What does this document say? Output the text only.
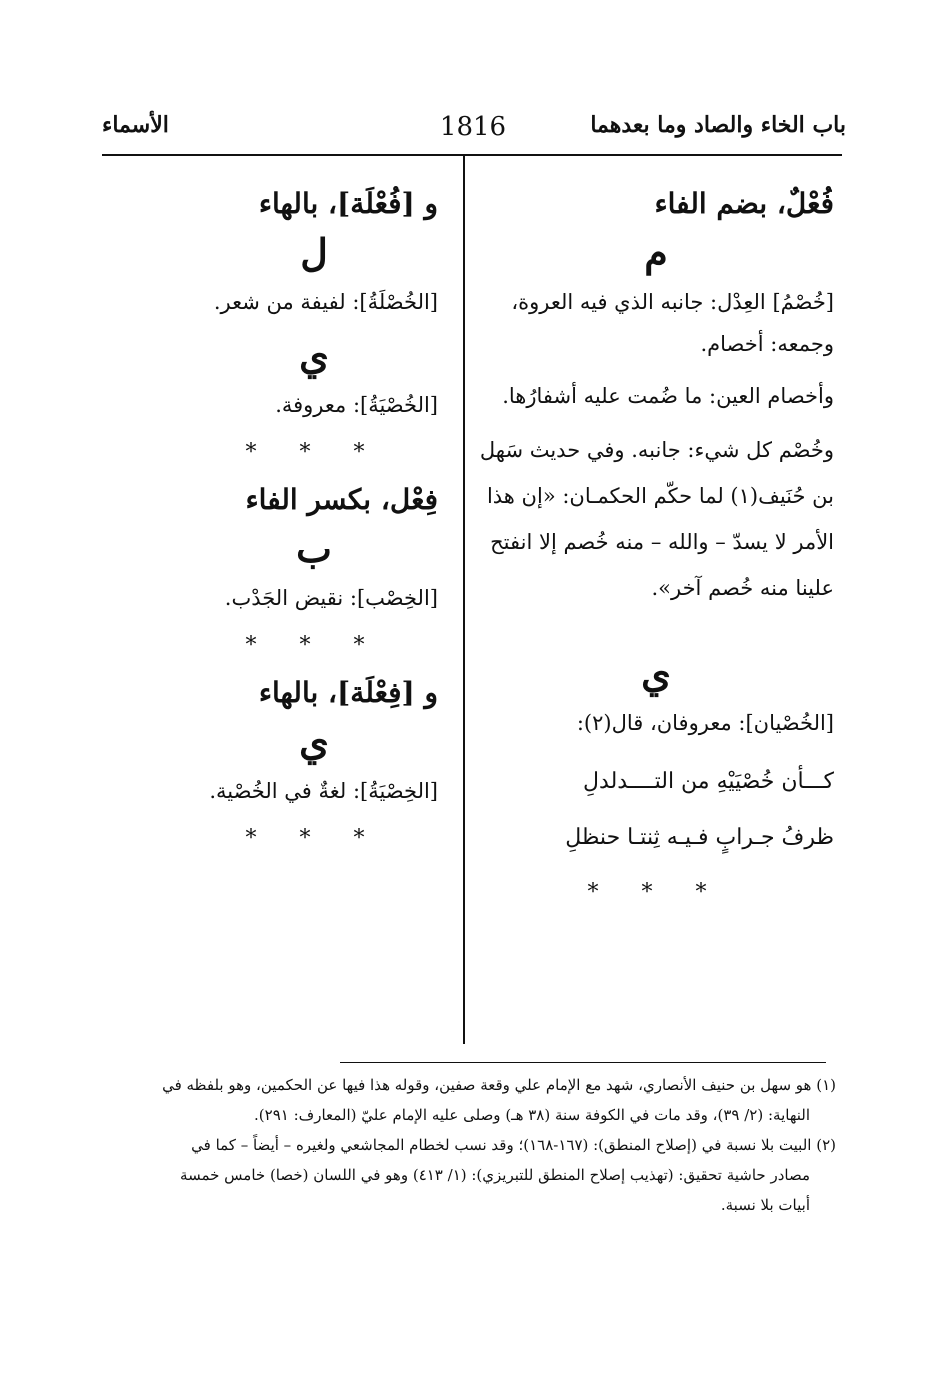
باب الخاء والصاد وما بعدهما
1816
الأسماء
فُعْلٌ، بضم الفاء
م

[خُصْمُ] العِدْل: جانبه الذي فيه العروة، وجمعه: أخصام.

وأخصام العين: ما ضُمت عليه أشفارُها.

وخُصْم كل شيء: جانبه. وفي حديث سَهل بن حُنَيف(١) لما حكّم الحكمـان: «إن هذا الأمر لا يسدّ – والله – منه خُصم إلا انفتح علينا منه خُصم آخر».

ي

[الخُصْيان]: معروفان، قال(٢):

كـــأن خُصْيَيْهِ من التــــدلدلِ

ظرفُ جـرابٍ فـيـه ثِنتـا حنظلِ

* * *
و [فُعْلَة]، بالهاء
ل

[الخُصْلَةُ]: لفيفة من شعر.

ي

[الخُصْيَةُ]: معروفة.

* * *
فِعْل، بكسر الفاء
ب

[الخِصْب]: نقيض الجَدْب.

* * *
و [فِعْلَة]، بالهاء
ي

[الخِصْيَةُ]: لغةٌ في الخُصْية.

* * *

(١) هو سهل بن حنيف الأنصاري، شهد مع الإمام علي وقعة صفين، وقوله هذا فيها عن الحكمين، وهو بلفظه في

النهاية: (٢/ ٣٩)، وقد مات في الكوفة سنة (٣٨ هـ) وصلى عليه الإمام عليّ (المعارف: ٢٩١).

(٢) البيت بلا نسبة في (إصلاح المنطق): (١٦٧-١٦٨)؛ وقد نسب لخطام المجاشعي ولغيره – أيضاً – كما في

مصادر حاشية تحقيق: (تهذيب إصلاح المنطق للتبريزي): (١/ ٤١٣) وهو في اللسان (خصا) خامس خمسة

أبيات بلا نسبة.
